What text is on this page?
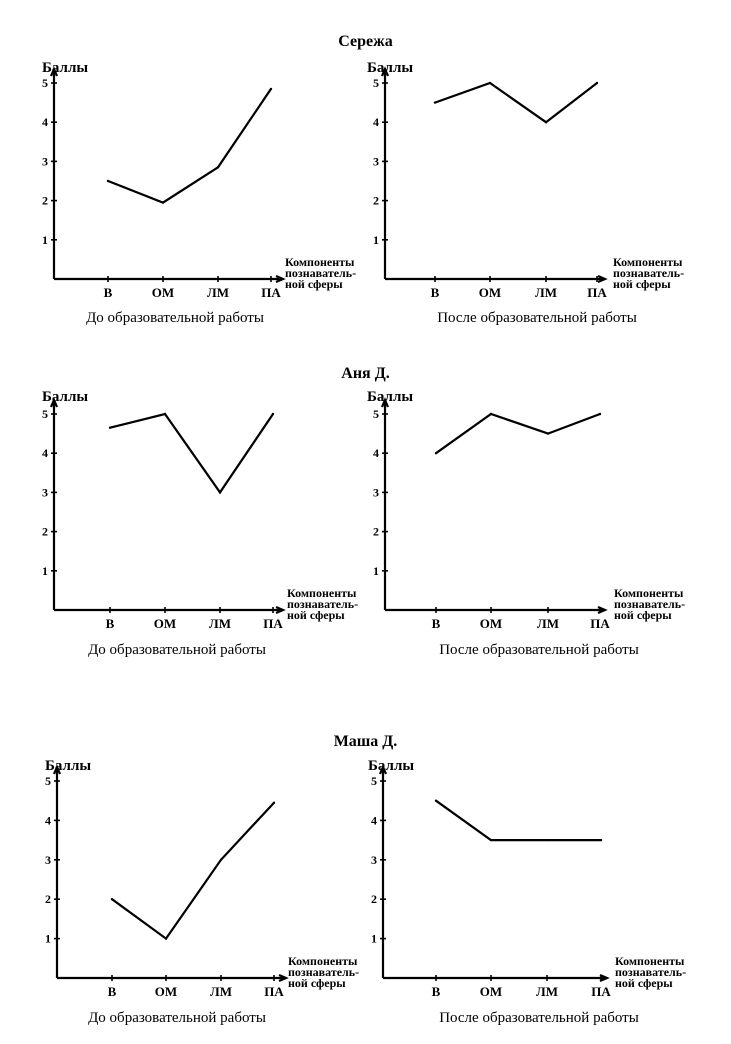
Сережа
Аня Д.
Маша Д.
1
2
3
4
5
В	ОМ	ЛМ ПА
Баллы
Компоненты познаватель-ной сферы
До образовательной работы
1
2
3
4
5
В	ОМ	ЛМ ПА
Баллы
Компоненты познаватель-ной сферы
После образовательной работы
1
2
3
4
5
В	ОМ	ЛМ ПА
Баллы
Компоненты познаватель-ной сферы
До образовательной работы
1
2
3
4
5
В	ОМ	ЛМ ПА
Баллы
Компоненты познаватель-ной сферы
После образовательной работы
1
2
3
4
5
В	ОМ	ЛМ ПА
Баллы
Компоненты познаватель-ной сферы
До образовательной работы
1
2
3
4
5
В	ОМ	ЛМ	ПА
Баллы
Компоненты познаватель-ной сферы
После образовательной работы
